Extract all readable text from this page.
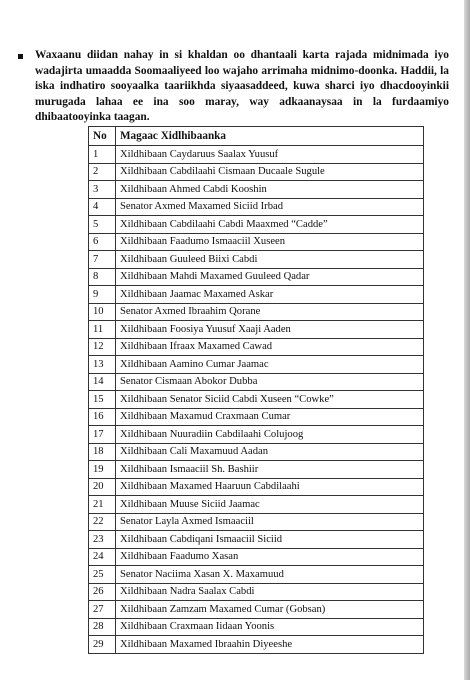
Waxaanu diidan nahay in si khaldan oo dhantaali karta rajada midnimada iyo wadajirta umaadda Soomaaliyeed loo wajaho arrimaha midnimo-doonka. Haddii, la iska indhatiro sooyaalka taariikhda siyaasaddeed, kuwa sharci iyo dhacdooyinkii murugada lahaa ee ina soo maray, way adkaanaysaa in la furdaamiyo dhibaatooyinka taagan.

No	Magaac Xidlhibaanka
1	Xildhibaan Caydaruus Saalax Yuusuf
2	Xildhibaan Cabdilaahi Cismaan Ducaale Sugule
3	Xildhibaan Ahmed Cabdi Kooshin
4	Senator Axmed Maxamed Siciid Irbad
5	Xildhibaan Cabdilaahi Cabdi Maaxmed “Cadde”
6	Xildhibaan Faadumo Ismaaciil Xuseen
7	Xildhibaan Guuleed Biixi Cabdi
8	Xildhibaan Mahdi Maxamed Guuleed Qadar
9	Xildhibaan Jaamac Maxamed Askar
10	Senator Axmed Ibraahim Qorane
11	Xildhibaan Foosiya Yuusuf Xaaji Aaden
12	Xildhibaan Ifraax Maxamed Cawad
13	Xildhibaan Aamino Cumar Jaamac
14	Senator Cismaan Abokor Dubba
15	Xildhibaan Senator Siciid Cabdi Xuseen “Cowke”
16	Xildhibaan Maxamud Craxmaan Cumar
17	Xildhibaan Nuuradiin Cabdilaahi Colujoog
18	Xildhibaan Cali Maxamuud Aadan
19	Xildhibaan Ismaaciil Sh. Bashiir
20	Xildhibaan Maxamed Haaruun Cabdilaahi
21	Xildhibaan Muuse Siciid Jaamac
22	Senator Layla Axmed Ismaaciil
23	Xildhibaan Cabdiqani Ismaaciil Siciid
24	Xildhibaan Faadumo Xasan
25	Senator Naciima Xasan X. Maxamuud
26	Xildhibaan Nadra Saalax Cabdi
27	Xildhibaan Zamzam Maxamed Cumar (Gobsan)
28	Xildhibaan Craxmaan Iidaan Yoonis
29	Xildhibaan Maxamed Ibraahin Diyeeshe
